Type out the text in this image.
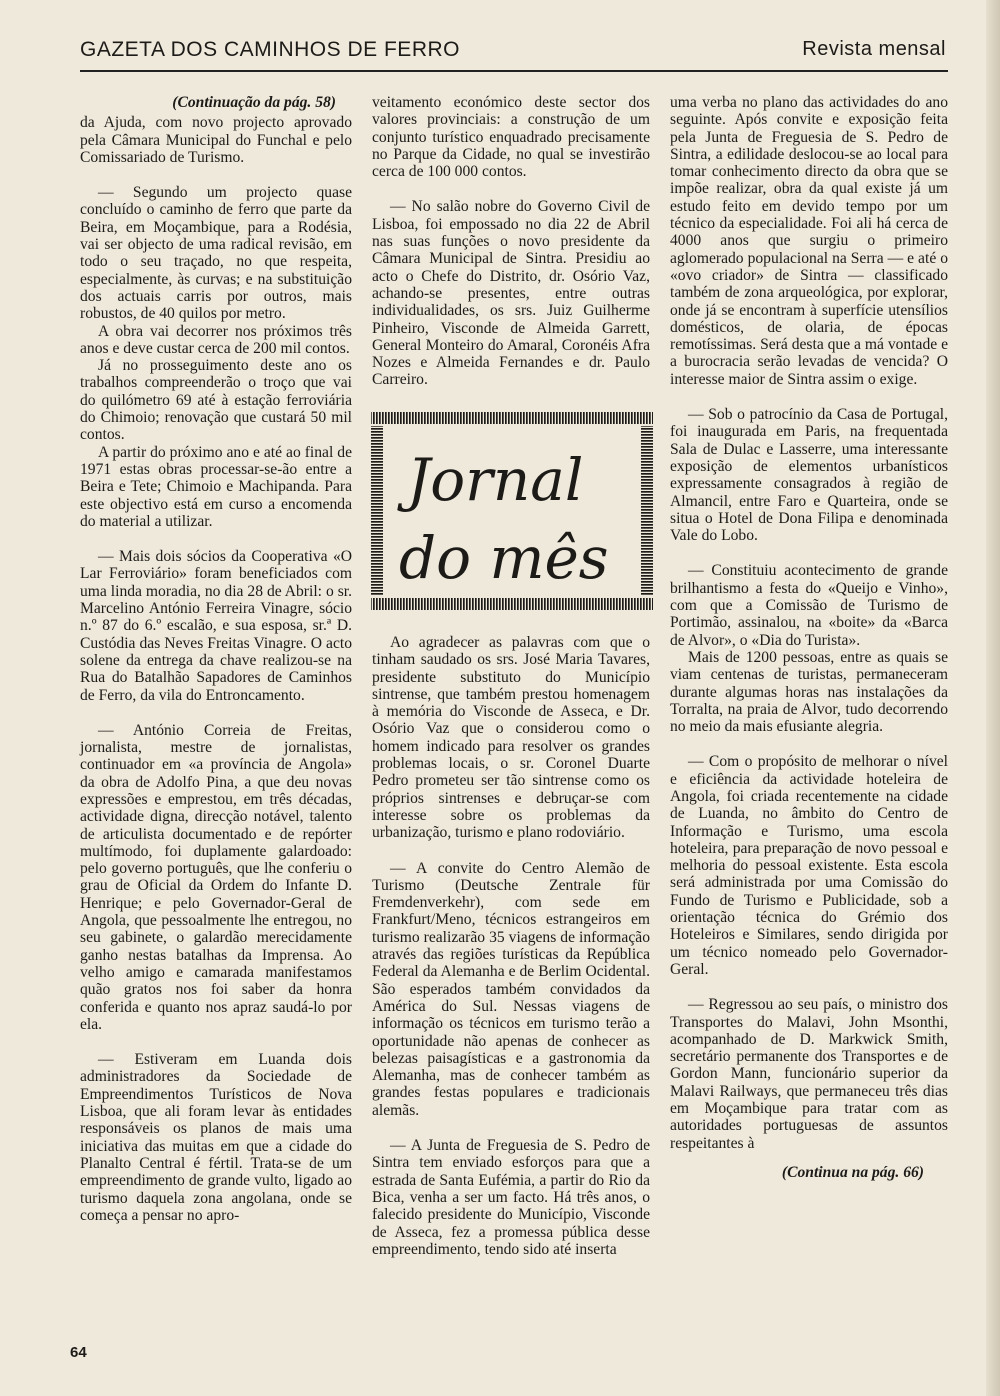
GAZETA DOS CAMINHOS DE FERRO	Revista mensal

(Continuação da pág. 58)

da Ajuda, com novo projecto aprovado pela Câmara Municipal do Funchal e pelo Comissariado de Turismo.

— Segundo um projecto quase concluído o caminho de ferro que parte da Beira, em Moçambique, para a Rodésia, vai ser objecto de uma radical revisão, em todo o seu traçado, no que respeita, especialmente, às curvas; e na substituição dos actuais carris por outros, mais robustos, de 40 quilos por metro.

A obra vai decorrer nos próximos três anos e deve custar cerca de 200 mil contos.

Já no prosseguimento deste ano os trabalhos compreenderão o troço que vai do quilómetro 69 até à estação ferroviária do Chimoio; renovação que custará 50 mil contos.

A partir do próximo ano e até ao final de 1971 estas obras processar-se-ão entre a Beira e Tete; Chimoio e Machipanda. Para este objectivo está em curso a encomenda do material a utilizar.

— Mais dois sócios da Cooperativa «O Lar Ferroviário» foram beneficiados com uma linda moradia, no dia 28 de Abril: o sr. Marcelino António Ferreira Vinagre, sócio n.º 87 do 6.º escalão, e sua esposa, sr.ª D. Custódia das Neves Freitas Vinagre. O acto solene da entrega da chave realizou-se na Rua do Batalhão Sapadores de Caminhos de Ferro, da vila do Entroncamento.

— António Correia de Freitas, jornalista, mestre de jornalistas, continuador em «a província de Angola» da obra de Adolfo Pina, a que deu novas expressões e emprestou, em três décadas, actividade digna, direcção notável, talento de articulista documentado e de repórter multímodo, foi duplamente galardoado: pelo governo português, que lhe conferiu o grau de Oficial da Ordem do Infante D. Henrique; e pelo Governador-Geral de Angola, que pessoalmente lhe entregou, no seu gabinete, o galardão merecidamente ganho nestas batalhas da Imprensa. Ao velho amigo e camarada manifestamos quão gratos nos foi saber da honra conferida e quanto nos apraz saudá-lo por ela.

— Estiveram em Luanda dois administradores da Sociedade de Empreendimentos Turísticos de Nova Lisboa, que ali foram levar às entidades responsáveis os planos de mais uma iniciativa das muitas em que a cidade do Planalto Central é fértil. Trata-se de um empreendimento de grande vulto, ligado ao turismo daquela zona angolana, onde se começa a pensar no apro-

veitamento económico deste sector dos valores provinciais: a construção de um conjunto turístico enquadrado precisamente no Parque da Cidade, no qual se investirão cerca de 100 000 contos.

— No salão nobre do Governo Civil de Lisboa, foi empossado no dia 22 de Abril nas suas funções o novo presidente da Câmara Municipal de Sintra. Presidiu ao acto o Chefe do Distrito, dr. Osório Vaz, achando-se presentes, entre outras individualidades, os srs. Juiz Guilherme Pinheiro, Visconde de Almeida Garrett, General Monteiro do Amaral, Coronéis Afra Nozes e Almeida Fernandes e dr. Paulo Carreiro.

Ao agradecer as palavras com que o tinham saudado os srs. José Maria Tavares, presidente substituto do Município sintrense, que também prestou homenagem à memória do Visconde de Asseca, e Dr. Osório Vaz que o considerou como o homem indicado para resolver os grandes problemas locais, o sr. Coronel Duarte Pedro prometeu ser tão sintrense como os próprios sintrenses e debruçar-se com interesse sobre os problemas da urbanização, turismo e plano rodoviário.

— A convite do Centro Alemão de Turismo (Deutsche Zentrale für Fremdenverkehr), com sede em Frankfurt/Meno, técnicos estrangeiros em turismo realizarão 35 viagens de informação através das regiões turísticas da República Federal da Alemanha e de Berlim Ocidental. São esperados também convidados da América do Sul. Nessas viagens de informação os técnicos em turismo terão a oportunidade não apenas de conhecer as belezas paisagísticas e a gastronomia da Alemanha, mas de conhecer também as grandes festas populares e tradicionais alemãs.

— A Junta de Freguesia de S. Pedro de Sintra tem enviado esforços para que a estrada de Santa Eufémia, a partir do Rio da Bica, venha a ser um facto. Há três anos, o falecido presidente do Município, Visconde de Asseca, fez a promessa pública desse empreendimento, tendo sido até inserta

Jornal
do mês

uma verba no plano das actividades do ano seguinte. Após convite e exposição feita pela Junta de Freguesia de S. Pedro de Sintra, a edilidade deslocou-se ao local para tomar conhecimento directo da obra que se impõe realizar, obra da qual existe já um estudo feito em devido tempo por um técnico da especialidade. Foi ali há cerca de 4000 anos que surgiu o primeiro aglomerado populacional na Serra — e até o «ovo criador» de Sintra — classificado também de zona arqueológica, por explorar, onde já se encontram à superfície utensílios domésticos, de olaria, de épocas remotíssimas. Será desta que a má vontade e a burocracia serão levadas de vencida? O interesse maior de Sintra assim o exige.

— Sob o patrocínio da Casa de Portugal, foi inaugurada em Paris, na frequentada Sala de Dulac e Lasserre, uma interessante exposição de elementos urbanísticos expressamente consagrados à região de Almancil, entre Faro e Quarteira, onde se situa o Hotel de Dona Filipa e denominada Vale do Lobo.

— Constituiu acontecimento de grande brilhantismo a festa do «Queijo e Vinho», com que a Comissão de Turismo de Portimão, assinalou, na «boite» da «Barca de Alvor», o «Dia do Turista».

Mais de 1200 pessoas, entre as quais se viam centenas de turistas, permaneceram durante algumas horas nas instalações da Torralta, na praia de Alvor, tudo decorrendo no meio da mais efusiante alegria.

— Com o propósito de melhorar o nível e eficiência da actividade hoteleira de Angola, foi criada recentemente na cidade de Luanda, no âmbito do Centro de Informação e Turismo, uma escola hoteleira, para preparação de novo pessoal e melhoria do pessoal existente. Esta escola será administrada por uma Comissão do Fundo de Turismo e Publicidade, sob a orientação técnica do Grémio dos Hoteleiros e Similares, sendo dirigida por um técnico nomeado pelo Governador-Geral.

— Regressou ao seu país, o ministro dos Transportes do Malavi, John Msonthi, acompanhado de D. Markwick Smith, secretário permanente dos Transportes e de Gordon Mann, funcionário superior da Malavi Railways, que permaneceu três dias em Moçambique para tratar com as autoridades portuguesas de assuntos respeitantes à

(Continua na pág. 66)

64
